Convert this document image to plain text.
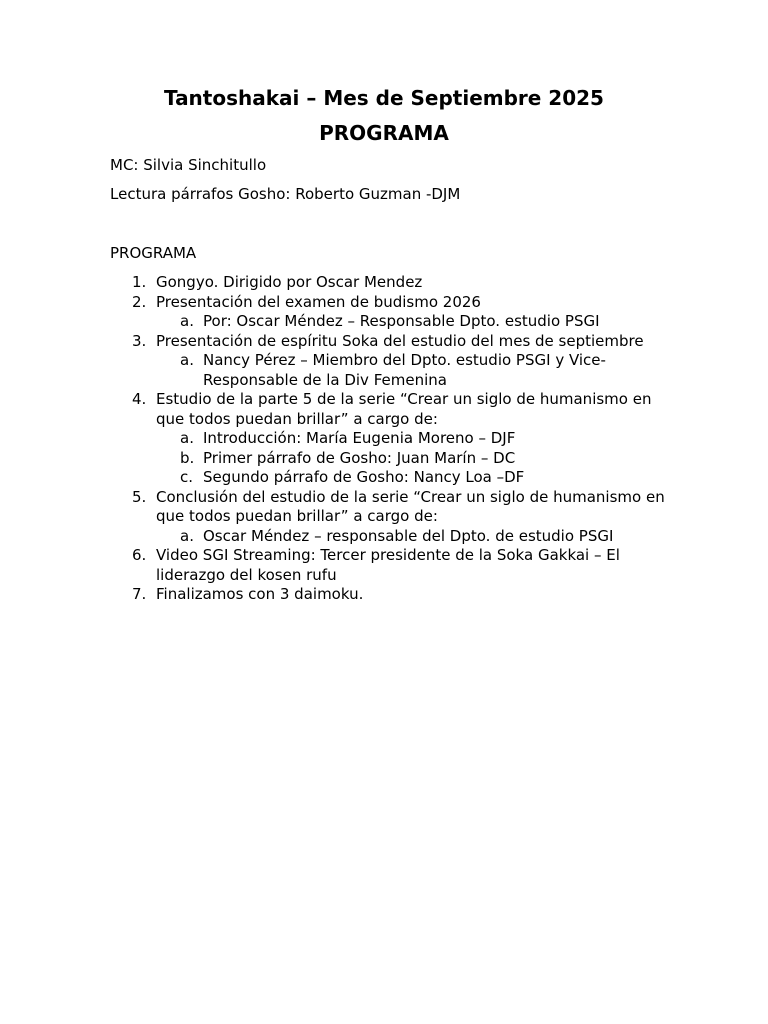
Tantoshakai – Mes de Septiembre 2025
PROGRAMA
MC: Silvia Sinchitullo
Lectura párrafos Gosho: Roberto Guzman -DJM
PROGRAMA
1. Gongyo. Dirigido por Oscar Mendez
2. Presentación del examen de budismo 2026
a. Por: Oscar Méndez – Responsable Dpto. estudio PSGI
3. Presentación de espíritu Soka del estudio del mes de septiembre
a. Nancy Pérez – Miembro del Dpto. estudio PSGI y Vice-Responsable de la Div Femenina
4. Estudio de la parte 5 de la serie “Crear un siglo de humanismo en que todos puedan brillar” a cargo de:
a. Introducción: María Eugenia Moreno – DJF
b. Primer párrafo de Gosho: Juan Marín – DC
c. Segundo párrafo de Gosho: Nancy Loa –DF
5. Conclusión del estudio de la serie “Crear un siglo de humanismo en que todos puedan brillar” a cargo de:
a. Oscar Méndez – responsable del Dpto. de estudio PSGI
6. Video SGI Streaming: Tercer presidente de la Soka Gakkai – El liderazgo del kosen rufu
7. Finalizamos con 3 daimoku.
